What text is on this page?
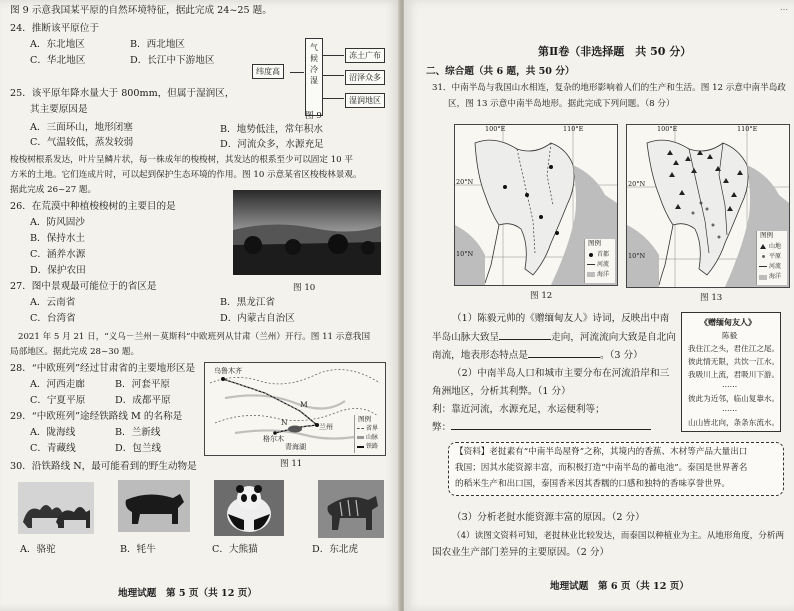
图 9 示意我国某平原的自然环境特征，据此完成 24~25 题。
24．推断该平原位于
A．东北地区	B．西北地区
C．华北地区	D．长江中下游地区
纬度高
气候冷湿
冻土广布
沼泽众多
湿润地区
图 9
25．该平原年降水量大于 800mm，但属于湿润区，
其主要原因是
A．三面环山，地形闭塞	B．地势低洼，常年积水
C．气温较低，蒸发较弱	D．河流众多，水源充足
梭梭树根系发达，叶片呈鳞片状，每一株成年的梭梭树，其发达的根系至少可以固定 10 平
方米的土地。它们连成片时，可以起到保护生态环境的作用。图 10 示意某省区梭梭林景观。
据此完成 26~27 题。
26．在荒漠中种植梭梭树的主要目的是
A．防风固沙
B．保持水土
C．涵养水源
D．保护农田
图 10
27．图中景观最可能位于的省区是
A．云南省	B．黑龙江省
C．台湾省	D．内蒙古自治区
2021 年 5 月 21 日，“义乌－兰州－莫斯科”中欧班列从甘肃（兰州）开行。图 11 示意我国
局部地区。据此完成 28~30 题。
28．“中欧班列”经过甘肃省的主要地形区是
A．河西走廊	B．河套平原
C．宁夏平原	D．成都平原
29．“中欧班列”途经铁路线 M 的名称是
A．陇海线	B．兰新线
C．青藏线	D．包兰线
乌鲁木齐
兰州
格尔木
青海湖
M
N	图例
省界
山脉
铁路
图 11
30．沿铁路线 N，最可能看到的野生动物是
A．骆驼	B．牦牛	C．大熊猫	D．东北虎
地理试题　第 5 页（共 12 页）
…
第Ⅱ卷（非选择题　共 50 分）
二、综合题（共 6 题，共 50 分）
31．中南半岛与我国山水相连，复杂的地形影响着人们的生产和生活。图 12 示意中南半岛政
区，图 13 示意中南半岛地形。据此完成下列问题。（8 分）
100°E	110°E
20°N
10°N
图例
首都
河流
海洋
图 12
100°E	110°E
20°N
10°N
图例
山地
平原
河流
海洋
图 13
（1）陈毅元帅的《赠缅甸友人》诗词，反映出中南
半岛山脉大致呈	走向，河流流向大致是自北向
南流，地表形态特点是	。（3 分）
（2）中南半岛人口和城市主要分布在河流沿岸和三
角洲地区，分析其利弊。（1 分）
利：靠近河流，水源充足，水运便利等；
弊：
《赠缅甸友人》
陈毅
我住江之头，君住江之尾。
彼此情无限，共饮一江水。
我吸川上流，君吸川下游。
……
彼此为近邻，临山复靠水。
……
山山皆北向，条条东流水。
【资料】老挝素有“中南半岛屋脊”之称，其境内的香蕉、木材等产品大量出口
我国；因其水能资源丰富，而积极打造“中南半岛的蓄电池”。泰国是世界著名
的稻米生产和出口国，泰国香米因其香糯的口感和独特的香味享誉世界。
（3）分析老挝水能资源丰富的原因。（2 分）
（4）读图文资料可知，老挝林业比较发达，而泰国以种植业为主。从地形角度，分析两
国农业生产部门差异的主要原因。（2 分）
地理试题　第 6 页（共 12 页）
